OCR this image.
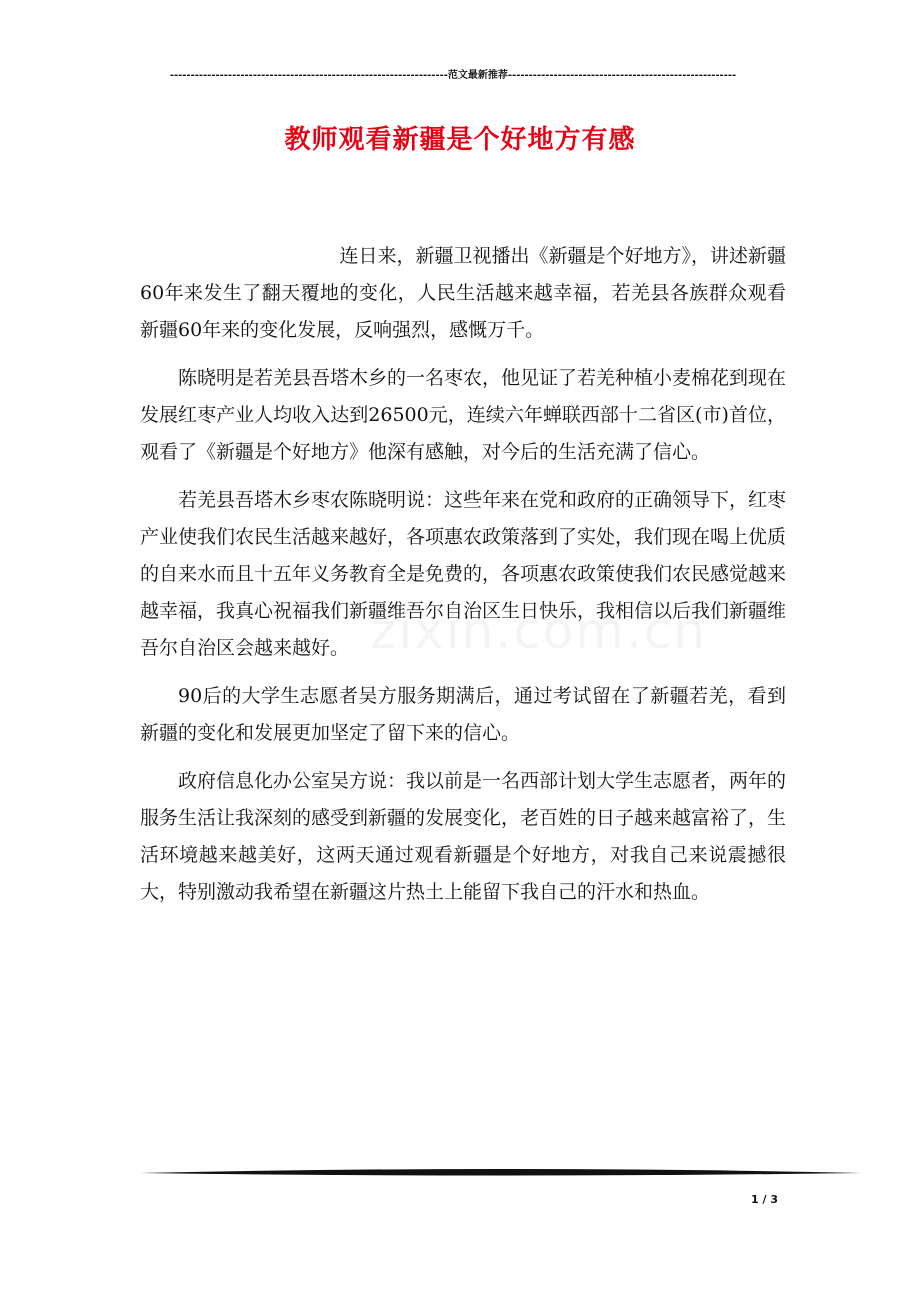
-------------------------------------------------------------------范文最新推荐-------------------------------------------------------
教师观看新疆是个好地方有感

连日来，新疆卫视播出《新疆是个好地方》，讲述新疆60年来发生了翻天覆地的变化，人民生活越来越幸福，若羌县各族群众观看新疆60年来的变化发展，反响强烈，感慨万千。

陈晓明是若羌县吾塔木乡的一名枣农，他见证了若羌种植小麦棉花到现在发展红枣产业人均收入达到26500元，连续六年蝉联西部十二省区(市)首位，观看了《新疆是个好地方》他深有感触，对今后的生活充满了信心。

若羌县吾塔木乡枣农陈晓明说：这些年来在党和政府的正确领导下，红枣产业使我们农民生活越来越好，各项惠农政策落到了实处，我们现在喝上优质的自来水而且十五年义务教育全是免费的，各项惠农政策使我们农民感觉越来越幸福，我真心祝福我们新疆维吾尔自治区生日快乐，我相信以后我们新疆维吾尔自治区会越来越好。

90后的大学生志愿者吴方服务期满后，通过考试留在了新疆若羌，看到新疆的变化和发展更加坚定了留下来的信心。

政府信息化办公室吴方说：我以前是一名西部计划大学生志愿者，两年的服务生活让我深刻的感受到新疆的发展变化，老百姓的日子越来越富裕了，生活环境越来越美好，这两天通过观看新疆是个好地方，对我自己来说震撼很大，特别激动我希望在新疆这片热土上能留下我自己的汗水和热血。

1 / 3
